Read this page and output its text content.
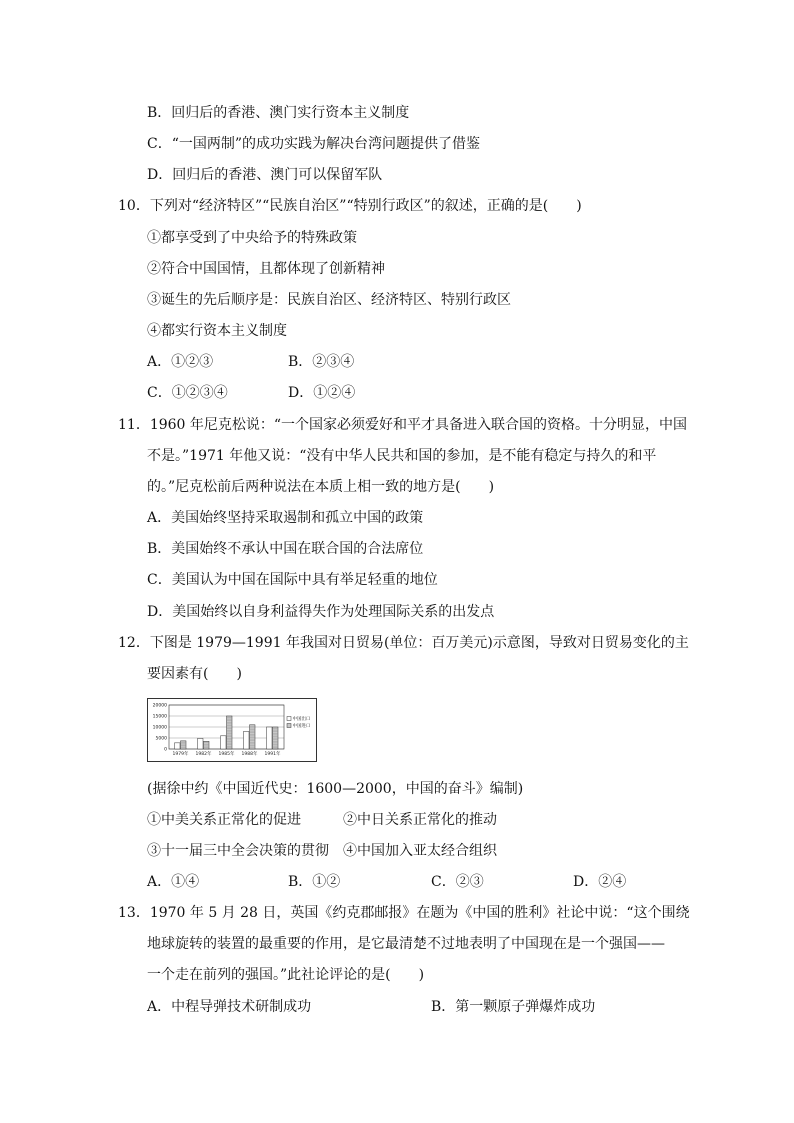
B．回归后的香港、澳门实行资本主义制度
C．“一国两制”的成功实践为解决台湾问题提供了借鉴
D．回归后的香港、澳门可以保留军队
10．下列对“经济特区”“民族自治区”“特别行政区”的叙述，正确的是(　　)
①都享受到了中央给予的特殊政策
②符合中国国情，且都体现了创新精神
③诞生的先后顺序是：民族自治区、经济特区、特别行政区
④都实行资本主义制度
A．①②③	B．②③④
C．①②③④	D．①②④
11．1960 年尼克松说：“一个国家必须爱好和平才具备进入联合国的资格。十分明显，中国
不是。”1971 年他又说：“没有中华人民共和国的参加，是不能有稳定与持久的和平
的。”尼克松前后两种说法在本质上相一致的地方是(　　)
A．美国始终坚持采取遏制和孤立中国的政策
B．美国始终不承认中国在联合国的合法席位
C．美国认为中国在国际中具有举足轻重的地位
D．美国始终以自身利益得失作为处理国际关系的出发点
12．下图是 1979—1991 年我国对日贸易(单位：百万美元)示意图，导致对日贸易变化的主
要因素有(　　)
20000
15000
10000
5000
0
1979年 1982年 1985年 1988年 1991年
中国出口
中国进口
(据徐中约《中国近代史：1600—2000，中国的奋斗》编制)
①中美关系正常化的促进	②中日关系正常化的推动
③十一届三中全会决策的贯彻 ④中国加入亚太经合组织
A．①④	B．①②	C．②③	D．②④
13．1970 年 5 月 28 日，英国《约克郡邮报》在题为《中国的胜利》社论中说：“这个围绕
地球旋转的装置的最重要的作用，是它最清楚不过地表明了中国现在是一个强国——
一个走在前列的强国。”此社论评论的是(　　)
A．中程导弹技术研制成功	B．第一颗原子弹爆炸成功
